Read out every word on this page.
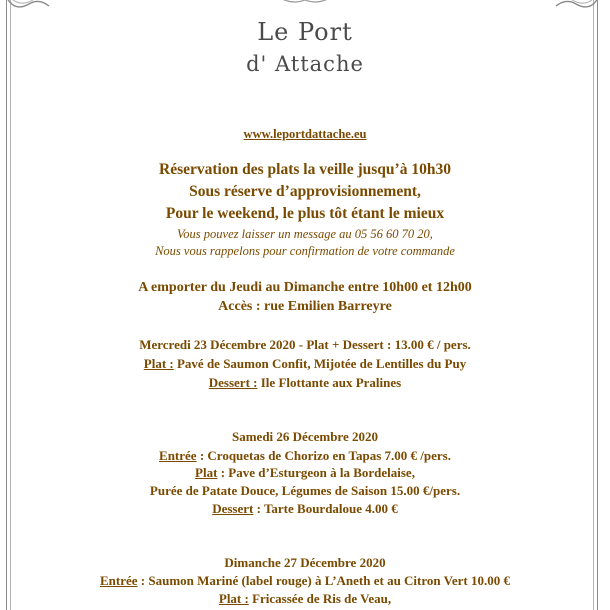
Le Port
d' Attache
www.leportdattache.eu
Réservation des plats la veille jusqu’à 10h30
Sous réserve d’approvisionnement,
Pour le weekend, le plus tôt étant le mieux
Vous pouvez laisser un message au 05 56 60 70 20,
Nous vous rappelons pour confirmation de votre commande
A emporter du Jeudi au Dimanche entre 10h00 et 12h00
Accès : rue Emilien Barreyre
Mercredi 23 Décembre 2020 - Plat + Dessert : 13.00 € / pers.
Plat : Pavé de Saumon Confit, Mijotée de Lentilles du Puy
Dessert : Ile Flottante aux Pralines
Samedi 26 Décembre 2020
Entrée : Croquetas de Chorizo en Tapas 7.00 € /pers.
Plat : Pave d’Esturgeon à la Bordelaise,
Purée de Patate Douce, Légumes de Saison 15.00 €/pers.
Dessert : Tarte Bourdaloue 4.00 €
Dimanche 27 Décembre 2020
Entrée : Saumon Mariné (label rouge) à L’Aneth et au Citron Vert 10.00 €
Plat : Fricassée de Ris de Veau,
